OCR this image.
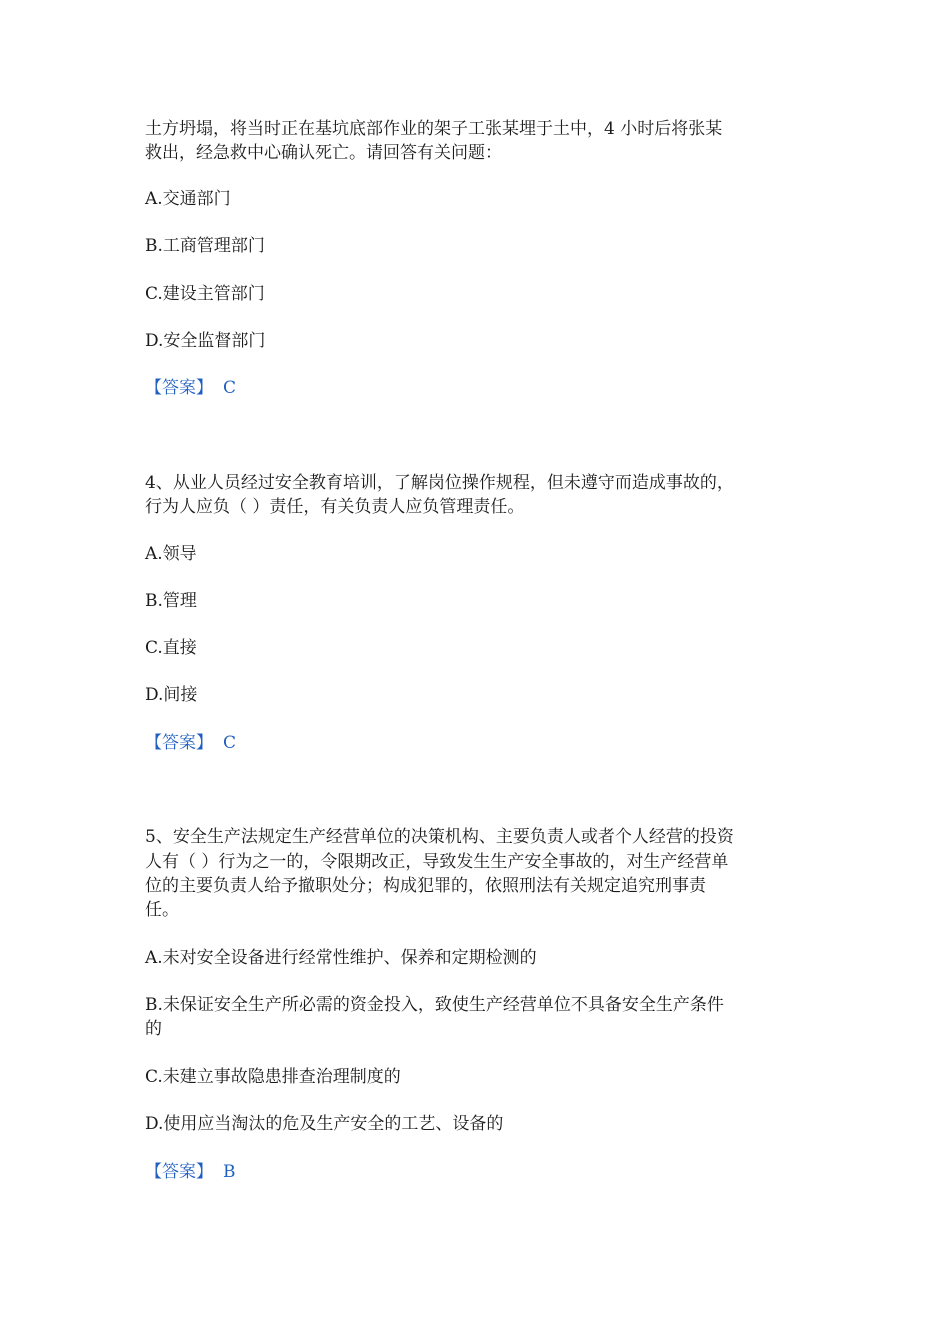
土方坍塌，将当时正在基坑底部作业的架子工张某埋于土中，4 小时后将张某
救出，经急救中心确认死亡。请回答有关问题：
A.交通部门
B.工商管理部门
C.建设主管部门
D.安全监督部门
【答案】 C
4、从业人员经过安全教育培训，了解岗位操作规程，但未遵守而造成事故的，
行为人应负（ ）责任，有关负责人应负管理责任。
A.领导
B.管理
C.直接
D.间接
【答案】 C
5、安全生产法规定生产经营单位的决策机构、主要负责人或者个人经营的投资
人有（ ）行为之一的，令限期改正，导致发生生产安全事故的，对生产经营单
位的主要负责人给予撤职处分；构成犯罪的，依照刑法有关规定追究刑事责
任。
A.未对安全设备进行经常性维护、保养和定期检测的
B.未保证安全生产所必需的资金投入，致使生产经营单位不具备安全生产条件
的
C.未建立事故隐患排查治理制度的
D.使用应当淘汰的危及生产安全的工艺、设备的
【答案】 B
